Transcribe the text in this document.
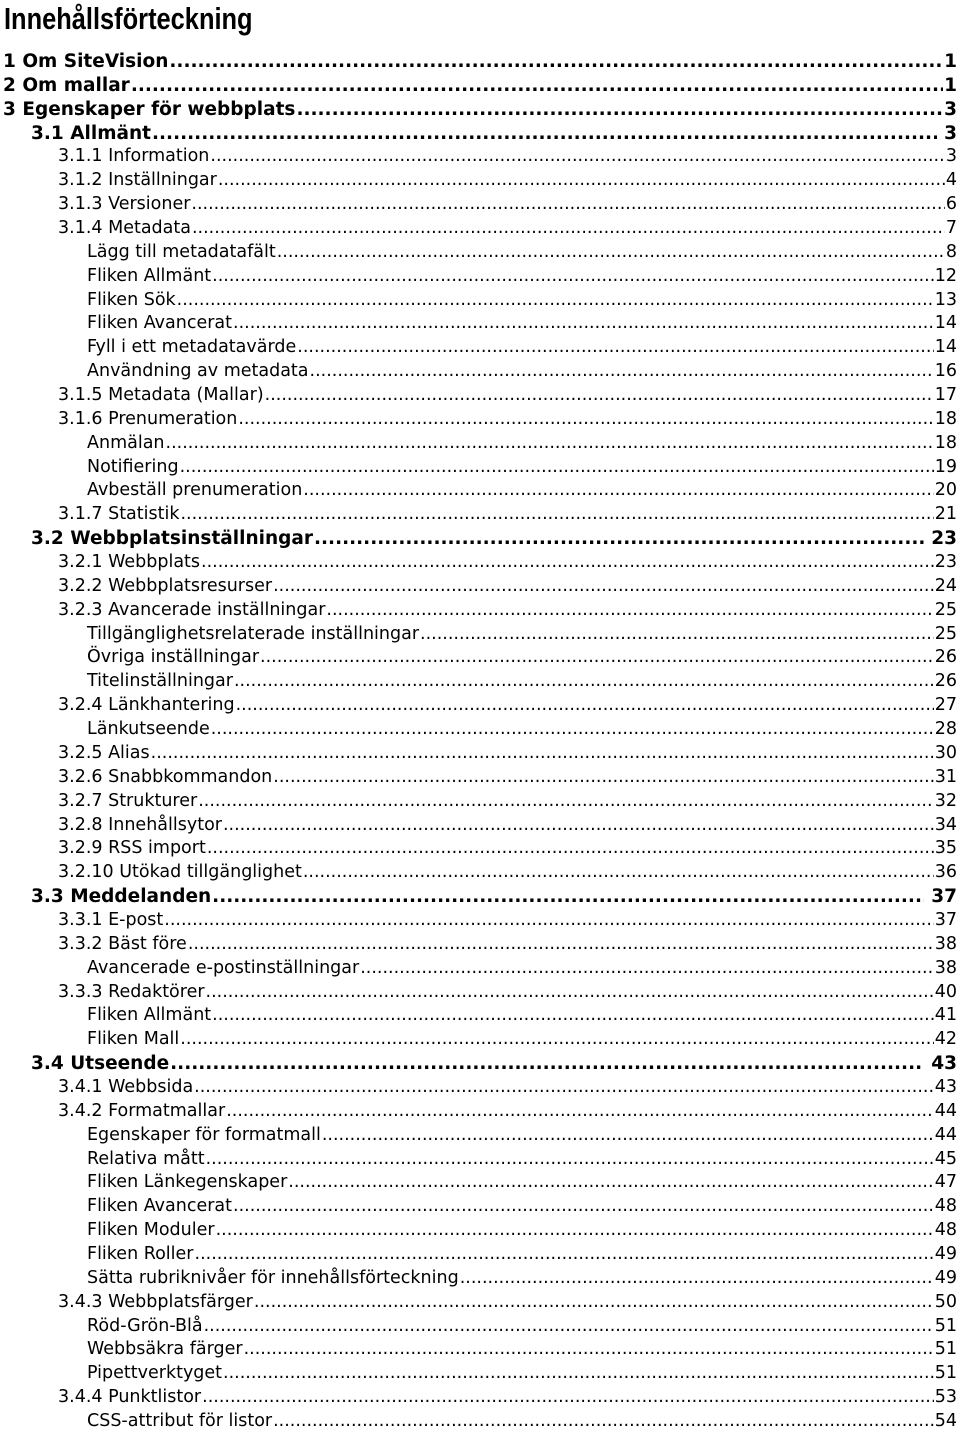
Innehållsförteckning
1 Om SiteVision .....	1
2 Om mallar .....	1
3 Egenskaper för webbplats .....	3
3.1 Allmänt .....	3
3.1.1 Information .....	3
3.1.2 Inställningar .....	4
3.1.3 Versioner .....	6
3.1.4 Metadata .....	7
Lägg till metadatafält .....	8
Fliken Allmänt .....	12
Fliken Sök .....	13
Fliken Avancerat .....	14
Fyll i ett metadatavärde .....	14
Användning av metadata .....	16
3.1.5 Metadata (Mallar) .....	17
3.1.6 Prenumeration .....	18
Anmälan .....	18
Notifiering .....	19
Avbeställ prenumeration .....	20
3.1.7 Statistik .....	21
3.2 Webbplatsinställningar .....	23
3.2.1 Webbplats .....	23
3.2.2 Webbplatsresurser .....	24
3.2.3 Avancerade inställningar .....	25
Tillgänglighetsrelaterade inställningar .....	25
Övriga inställningar .....	26
Titelinställningar .....	26
3.2.4 Länkhantering .....	27
Länkutseende .....	28
3.2.5 Alias .....	30
3.2.6 Snabbkommandon .....	31
3.2.7 Strukturer .....	32
3.2.8 Innehållsytor .....	34
3.2.9 RSS import .....	35
3.2.10 Utökad tillgänglighet .....	36
3.3 Meddelanden .....	37
3.3.1 E-post .....	37
3.3.2 Bäst före .....	38
Avancerade e-postinställningar .....	38
3.3.3 Redaktörer .....	40
Fliken Allmänt .....	41
Fliken Mall .....	42
3.4 Utseende .....	43
3.4.1 Webbsida .....	43
3.4.2 Formatmallar .....	44
Egenskaper för formatmall .....	44
Relativa mått .....	45
Fliken Länkegenskaper .....	47
Fliken Avancerat .....	48
Fliken Moduler .....	48
Fliken Roller .....	49
Sätta rubriknivåer för innehållsförteckning .....	49
3.4.3 Webbplatsfärger .....	50
Röd-Grön-Blå .....	51
Webbsäkra färger .....	51
Pipettverktyget .....	51
3.4.4 Punktlistor .....	53
CSS-attribut för listor .....	54
